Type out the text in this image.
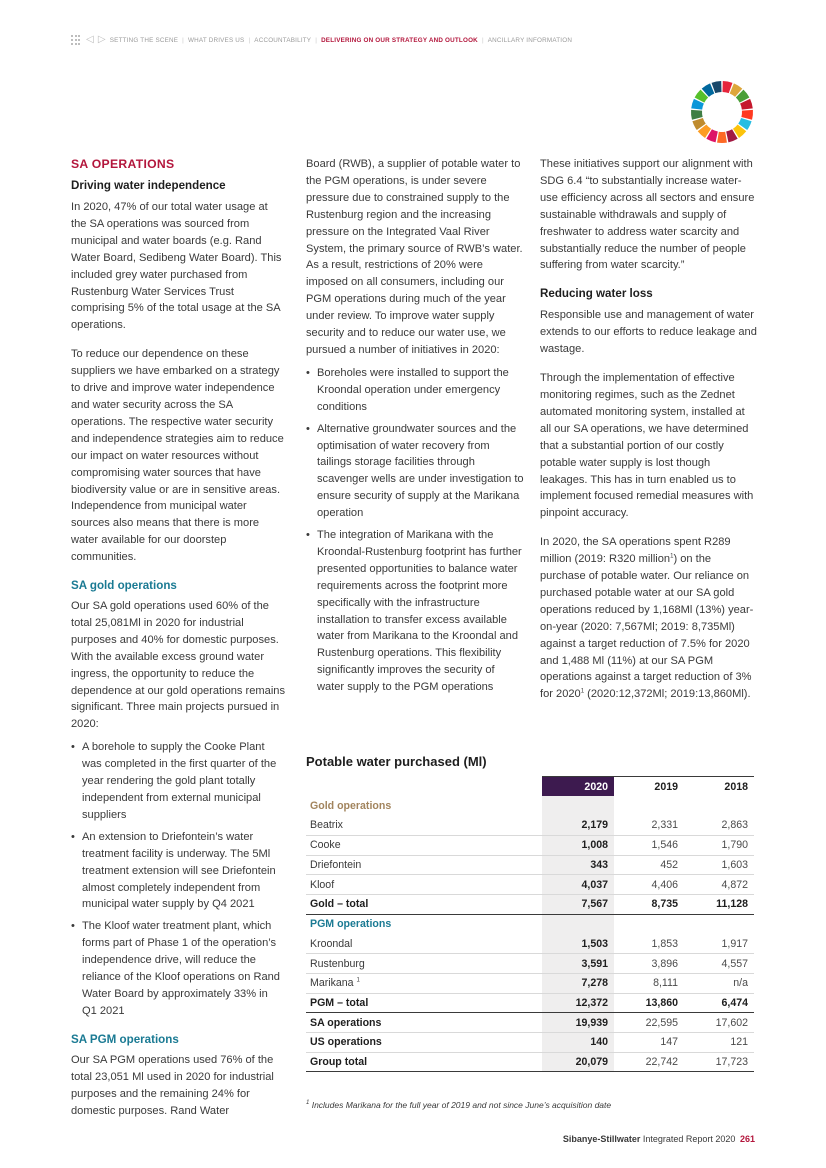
◁ ▷ SETTING THE SCENE | WHAT DRIVES US | ACCOUNTABILITY | DELIVERING ON OUR STRATEGY AND OUTLOOK | ANCILLARY INFORMATION
SA OPERATIONS
Driving water independence

In 2020, 47% of our total water usage at the SA operations was sourced from municipal and water boards (e.g. Rand Water Board, Sedibeng Water Board). This included grey water purchased from Rustenburg Water Services Trust comprising 5% of the total usage at the SA operations.

To reduce our dependence on these suppliers we have embarked on a strategy to drive and improve water independence and water security across the SA operations. The respective water security and independence strategies aim to reduce our impact on water resources without compromising water sources that have biodiversity value or are in sensitive areas. Independence from municipal water sources also means that there is more water available for our doorstep communities.

SA gold operations

Our SA gold operations used 60% of the total 25,081Ml in 2020 for industrial purposes and 40% for domestic purposes. With the available excess ground water ingress, the opportunity to reduce the dependence at our gold operations remains significant. Three main projects pursued in 2020:

• A borehole to supply the Cooke Plant was completed in the first quarter of the year rendering the gold plant totally independent from external municipal suppliers
• An extension to Driefontein’s water treatment facility is underway. The 5Ml treatment extension will see Driefontein almost completely independent from municipal water supply by Q4 2021
• The Kloof water treatment plant, which forms part of Phase 1 of the operation’s independence drive, will reduce the reliance of the Kloof operations on Rand Water Board by approximately 33% in Q1 2021
SA PGM operations

Our SA PGM operations used 76% of the total 23,051 Ml used in 2020 for industrial purposes and the remaining 24% for domestic purposes. Rand Water

Board (RWB), a supplier of potable water to the PGM operations, is under severe pressure due to constrained supply to the Rustenburg region and the increasing pressure on the Integrated Vaal River System, the primary source of RWB’s water. As a result, restrictions of 20% were imposed on all consumers, including our PGM operations during much of the year under review. To improve water supply security and to reduce our water use, we pursued a number of initiatives in 2020:

• Boreholes were installed to support the Kroondal operation under emergency conditions
• Alternative groundwater sources and the optimisation of water recovery from tailings storage facilities through scavenger wells are under investigation to ensure security of supply at the Marikana operation
• The integration of Marikana with the Kroondal-Rustenburg footprint has further presented opportunities to balance water requirements across the footprint more specifically with the infrastructure installation to transfer excess available water from Marikana to the Kroondal and Rustenburg operations. This flexibility significantly improves the security of water supply to the PGM operations

These initiatives support our alignment with SDG 6.4 “to substantially increase water-use efficiency across all sectors and ensure sustainable withdrawals and supply of freshwater to address water scarcity and substantially reduce the number of people suffering from water scarcity.”

Reducing water loss

Responsible use and management of water extends to our efforts to reduce leakage and wastage.

Through the implementation of effective monitoring regimes, such as the Zednet automated monitoring system, installed at all our SA operations, we have determined that a substantial portion of our costly potable water supply is lost though leakages. This has in turn enabled us to implement focused remedial measures with pinpoint accuracy.

In 2020, the SA operations spent R289 million (2019: R320 million$^1$) on the purchase of potable water. Our reliance on purchased potable water at our SA gold operations reduced by 1,168Ml (13%) year-on-year (2020: 7,567Ml; 2019: 8,735Ml) against a target reduction of 7.5% for 2020 and 1,488 Ml (11%) at our SA PGM operations against a target reduction of 3% for 2020$^1$ (2020:12,372Ml; 2019:13,860Ml).

Potable water purchased (Ml)
	2020	2019	2018
Gold operations			
Beatrix	2,179	2,331	2,863
Cooke	1,008	1,546	1,790
Driefontein	343	452	1,603
Kloof	4,037	4,406	4,872
Gold – total	7,567	8,735	11,128
PGM operations			
Kroondal	1,503	1,853	1,917
Rustenburg	3,591	3,896	4,557
Marikana $^1$	7,278	8,111	n/a
PGM – total	12,372	13,860	6,474
SA operations	19,939	22,595	17,602
US operations	140	147	121
Group total	20,079	22,742	17,723
$^1$ Includes Marikana for the full year of 2019 and not since June’s acquisition date
Sibanye-Stillwater Integrated Report 2020 261
